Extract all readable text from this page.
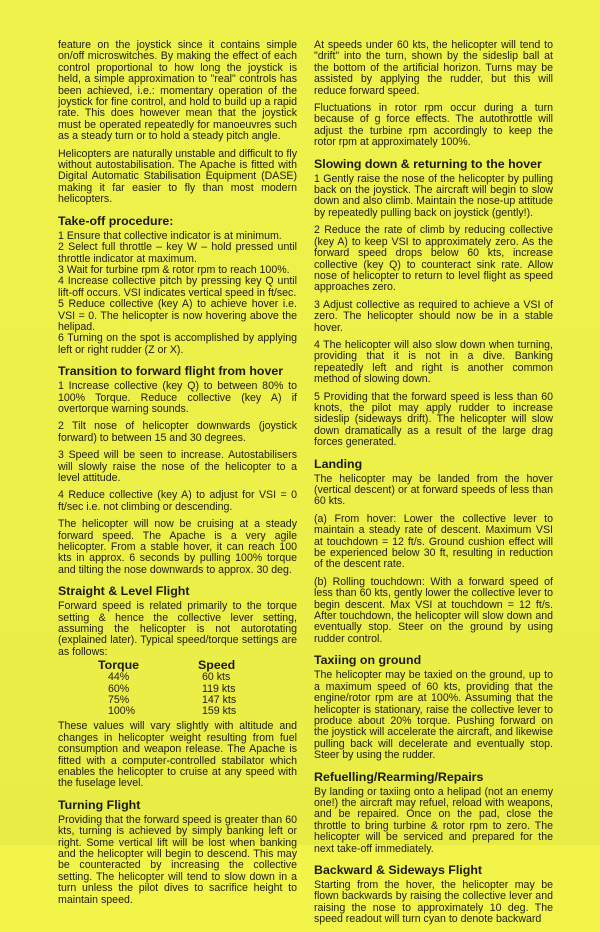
feature on the joystick since it contains simple on/off microswitches. By making the effect of each control proportional to how long the joystick is held, a simple approximation to "real" controls has been achieved, i.e.: momentary operation of the joystick for fine control, and hold to build up a rapid rate. This does however mean that the joystick must be operated repeatedly for manoeuvres such as a steady turn or to hold a steady pitch angle.

Helicopters are naturally unstable and difficult to fly without autostabilisation. The Apache is fitted with Digital Automatic Stabilisation Equipment (DASE) making it far easier to fly than most modern helicopters.

Take-off procedure:

1 Ensure that collective indicator is at minimum.

2 Select full throttle – key W – hold pressed until throttle indicator at maximum.

3 Wait for turbine rpm & rotor rpm to reach 100%.

4 Increase collective pitch by pressing key Q until lift-off occurs. VSI indicates vertical speed in ft/sec.

5 Reduce collective (key A) to achieve hover i.e. VSI = 0. The helicopter is now hovering above the helipad.

6 Turning on the spot is accomplished by applying left or right rudder (Z or X).

Transition to forward flight from hover

1 Increase collective (key Q) to between 80% to 100% Torque. Reduce collective (key A) if overtorque warning sounds.

2 Tilt nose of helicopter downwards (joystick forward) to between 15 and 30 degrees.

3 Speed will be seen to increase. Autostabilisers will slowly raise the nose of the helicopter to a level attitude.

4 Reduce collective (key A) to adjust for VSI = 0 ft/sec i.e. not climbing or descending.

The helicopter will now be cruising at a steady forward speed. The Apache is a very agile helicopter. From a stable hover, it can reach 100 kts in approx. 6 seconds by pulling 100% torque and tilting the nose downwards to approx. 30 deg.

Straight & Level Flight

Forward speed is related primarily to the torque setting & hence the collective lever setting, assuming the helicopter is not autorotating (explained later). Typical speed/torque settings are as follows:

Torque	Speed
44%	60 kts
60%	119 kts
75%	147 kts
100%	159 kts

These values will vary slightly with altitude and changes in helicopter weight resulting from fuel consumption and weapon release. The Apache is fitted with a computer-controlled stabilator which enables the helicopter to cruise at any speed with the fuselage level.

Turning Flight

Providing that the forward speed is greater than 60 kts, turning is achieved by simply banking left or right. Some vertical lift will be lost when banking and the helicopter will begin to descend. This may be counteracted by increasing the collective setting. The helicopter will tend to slow down in a turn unless the pilot dives to sacrifice height to maintain speed.

At speeds under 60 kts, the helicopter will tend to "drift" into the turn, shown by the sideslip ball at the bottom of the artificial horizon. Turns may be assisted by applying the rudder, but this will reduce forward speed.

Fluctuations in rotor rpm occur during a turn because of g force effects. The autothrottle will adjust the turbine rpm accordingly to keep the rotor rpm at approximately 100%.

Slowing down & returning to the hover

1 Gently raise the nose of the helicopter by pulling back on the joystick. The aircraft will begin to slow down and also climb. Maintain the nose-up attitude by repeatedly pulling back on joystick (gently!).

2 Reduce the rate of climb by reducing collective (key A) to keep VSI to approximately zero. As the forward speed drops below 60 kts, increase collective (key Q) to counteract sink rate. Allow nose of helicopter to return to level flight as speed approaches zero.

3 Adjust collective as required to achieve a VSI of zero. The helicopter should now be in a stable hover.

4 The helicopter will also slow down when turning, providing that it is not in a dive. Banking repeatedly left and right is another common method of slowing down.

5 Providing that the forward speed is less than 60 knots, the pilot may apply rudder to increase sideslip (sideways drift). The helicopter will slow down dramatically as a result of the large drag forces generated.

Landing

The helicopter may be landed from the hover (vertical descent) or at forward speeds of less than 60 kts.

(a) From hover: Lower the collective lever to maintain a steady rate of descent. Maximum VSI at touchdown = 12 ft/s. Ground cushion effect will be experienced below 30 ft, resulting in reduction of the descent rate.

(b) Rolling touchdown: With a forward speed of less than 60 kts, gently lower the collective lever to begin descent. Max VSI at touchdown = 12 ft/s. After touchdown, the helicopter will slow down and eventually stop. Steer on the ground by using rudder control.

Taxiing on ground

The helicopter may be taxied on the ground, up to a maximum speed of 60 kts, providing that the engine/rotor rpm are at 100%. Assuming that the helicopter is stationary, raise the collective lever to produce about 20% torque. Pushing forward on the joystick will accelerate the aircraft, and likewise pulling back will decelerate and eventually stop. Steer by using the rudder.

Refuelling/Rearming/Repairs

By landing or taxiing onto a helipad (not an enemy one!) the aircraft may refuel, reload with weapons, and be repaired. Once on the pad, close the throttle to bring turbine & rotor rpm to zero. The helicopter will be serviced and prepared for the next take-off immediately.

Backward & Sideways Flight

Starting from the hover, the helicopter may be flown backwards by raising the collective lever and raising the nose to approximately 10 deg. The speed readout will turn cyan to denote backward
